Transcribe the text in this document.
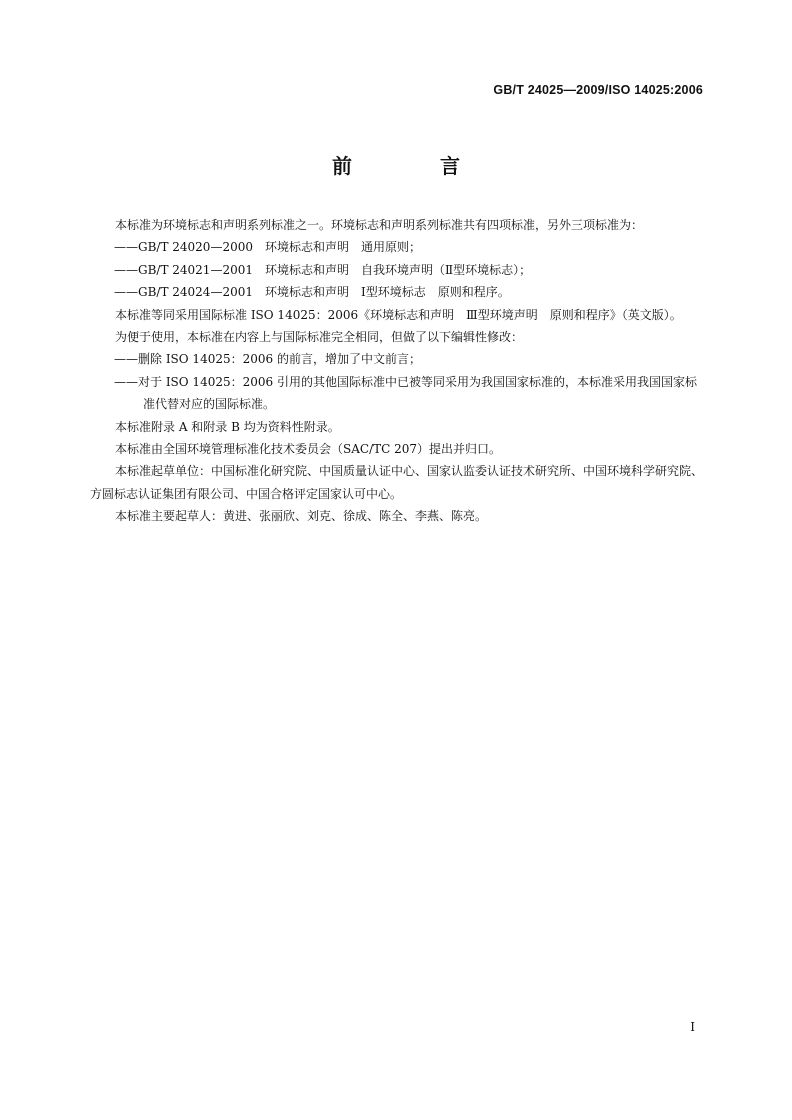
GB/T 24025—2009/ISO 14025:2006
前　言

本标准为环境标志和声明系列标准之一。环境标志和声明系列标准共有四项标准，另外三项标准为：

——GB/T 24020—2000　环境标志和声明　通用原则；

——GB/T 24021—2001　环境标志和声明　自我环境声明（Ⅱ型环境标志）；

——GB/T 24024—2001　环境标志和声明　Ⅰ型环境标志　原则和程序。

本标准等同采用国际标准 ISO 14025：2006《环境标志和声明　Ⅲ型环境声明　原则和程序》（英文版）。

为便于使用，本标准在内容上与国际标准完全相同，但做了以下编辑性修改：

——删除 ISO 14025：2006 的前言，增加了中文前言；

——对于 ISO 14025：2006 引用的其他国际标准中已被等同采用为我国国家标准的，本标准采用我国国家标准代替对应的国际标准。

本标准附录 A 和附录 B 均为资料性附录。

本标准由全国环境管理标准化技术委员会（SAC/TC 207）提出并归口。

本标准起草单位：中国标准化研究院、中国质量认证中心、国家认监委认证技术研究所、中国环境科学研究院、方圆标志认证集团有限公司、中国合格评定国家认可中心。

本标准主要起草人：黄进、张丽欣、刘克、徐成、陈全、李燕、陈亮。

Ⅰ
